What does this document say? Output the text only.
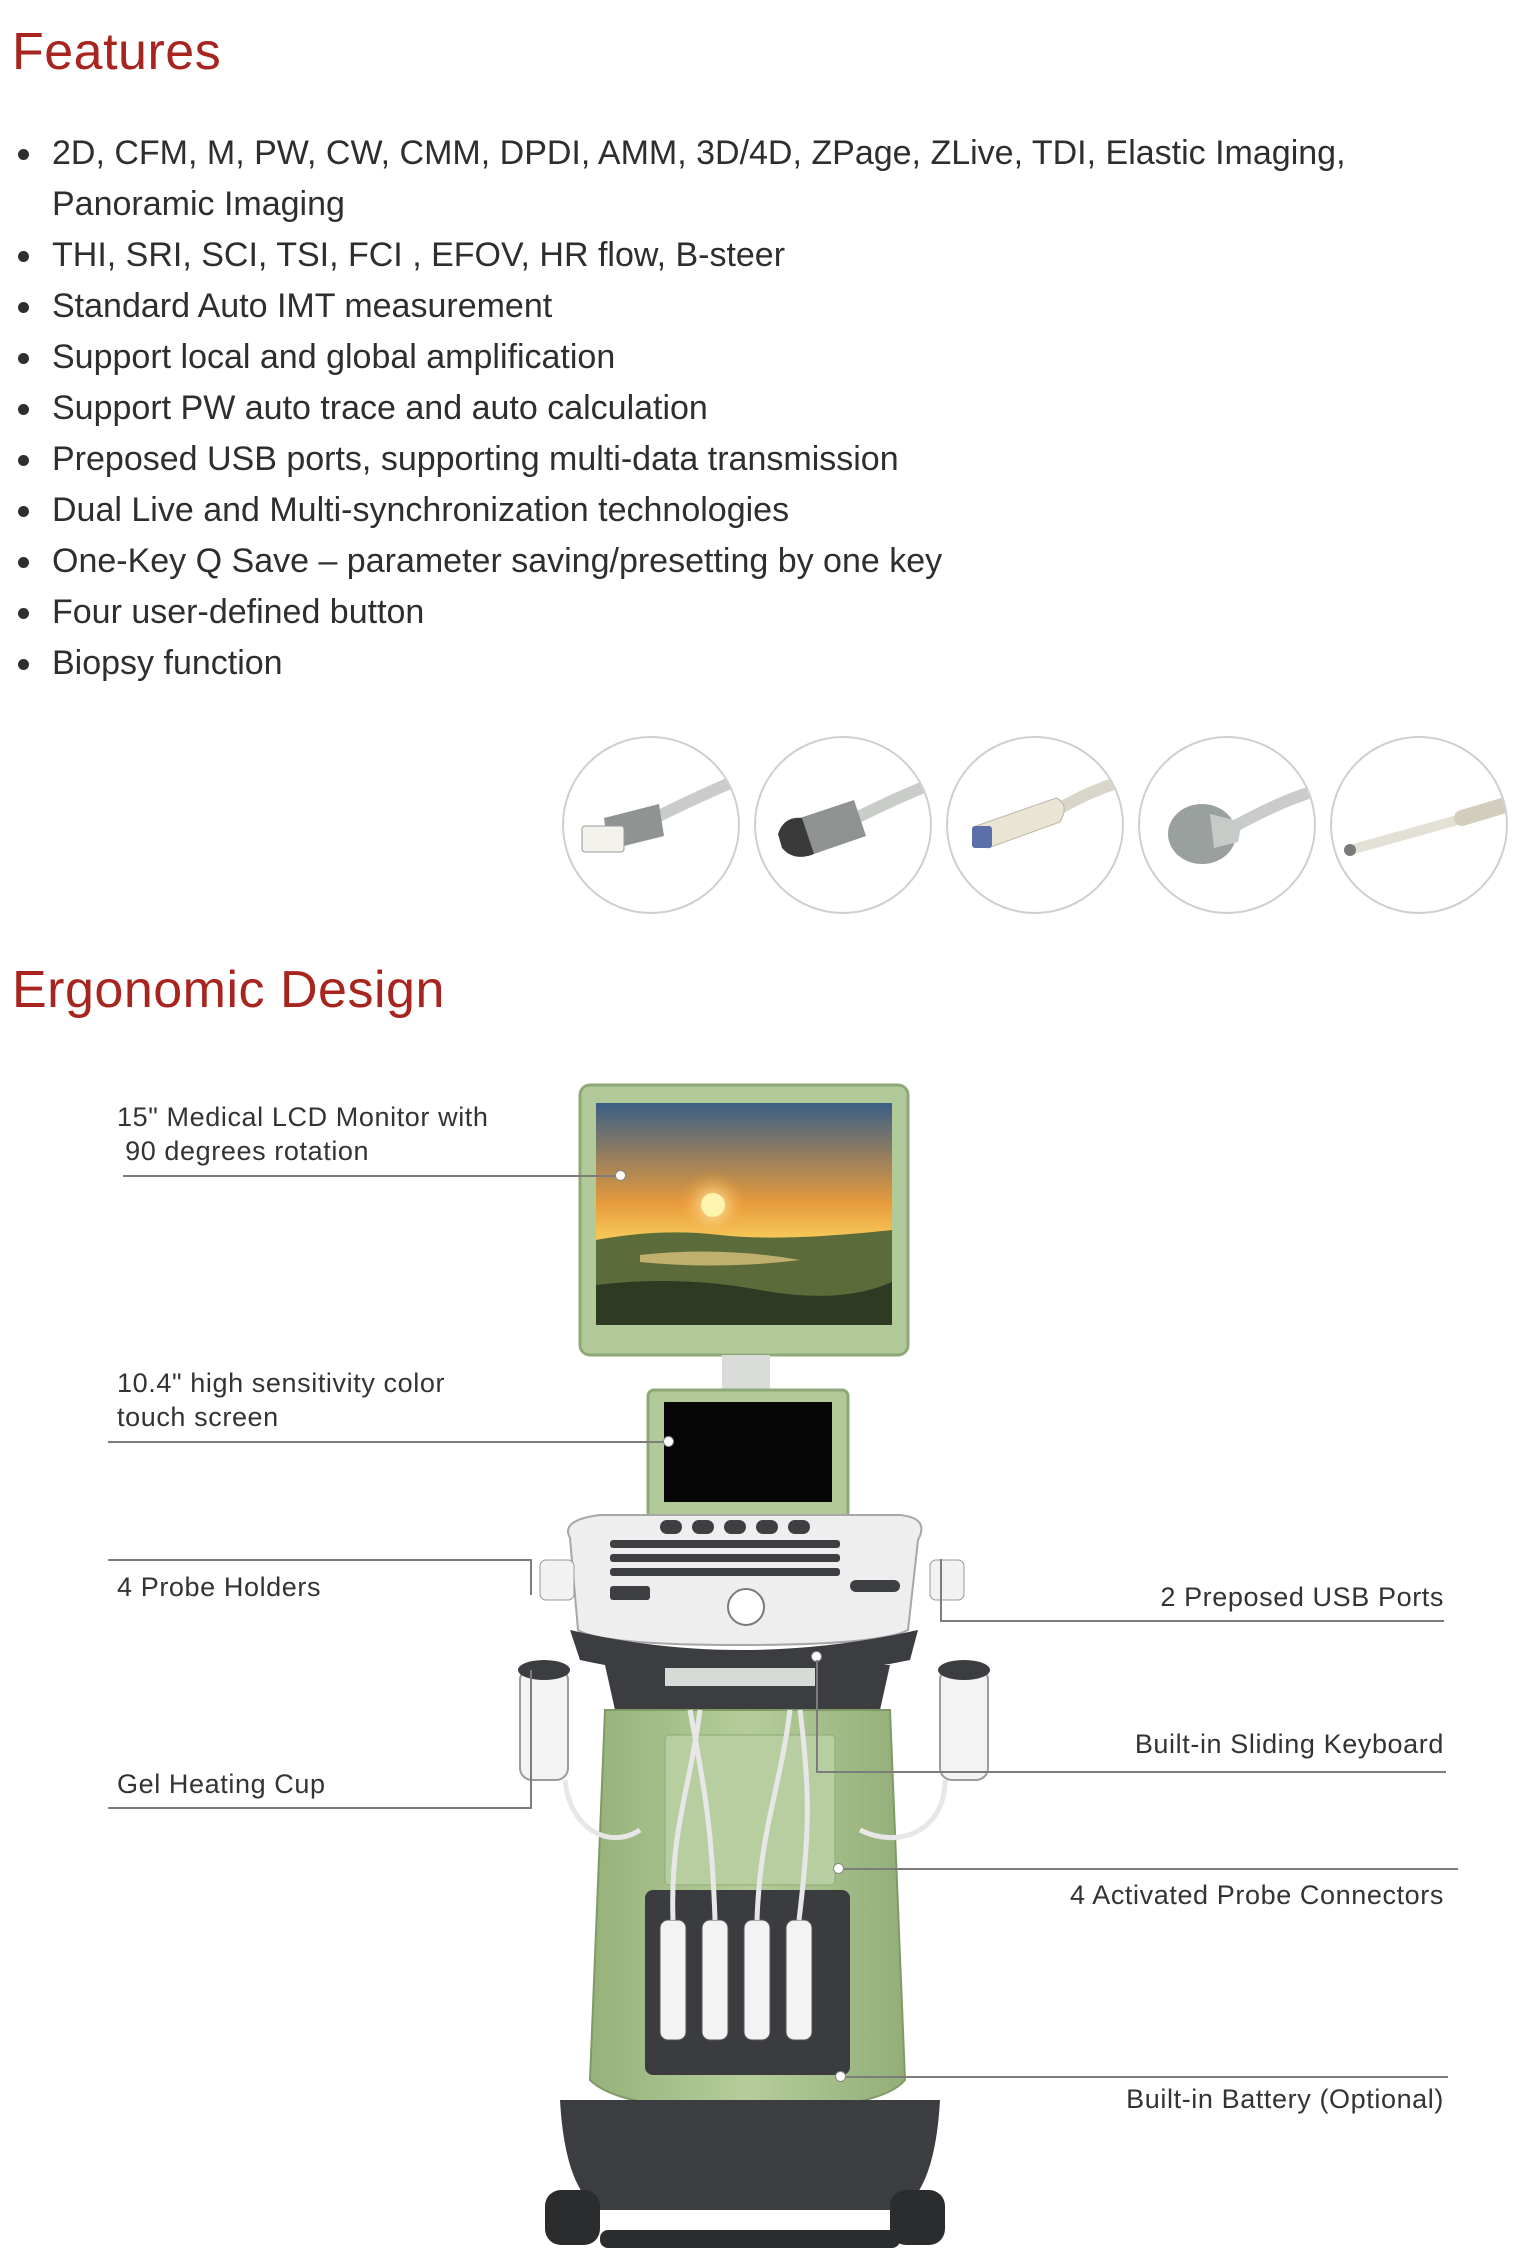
Features
2D, CFM, M, PW, CW, CMM, DPDI, AMM, 3D/4D, ZPage, ZLive, TDI, Elastic Imaging, Panoramic Imaging
THI, SRI, SCI, TSI, FCI , EFOV, HR flow, B-steer
Standard Auto IMT measurement
Support local and global amplification
Support PW auto trace and auto calculation
Preposed USB ports, supporting multi-data transmission
Dual Live and Multi-synchronization technologies
One-Key Q Save – parameter saving/presetting by one key
Four user-defined button
Biopsy function
Ergonomic Design
15" Medical LCD Monitor with
90 degrees rotation
10.4" high sensitivity color
touch screen
4 Probe Holders
Gel Heating Cup
2 Preposed USB Ports
Built-in Sliding Keyboard
4 Activated Probe Connectors
Built-in Battery (Optional)
